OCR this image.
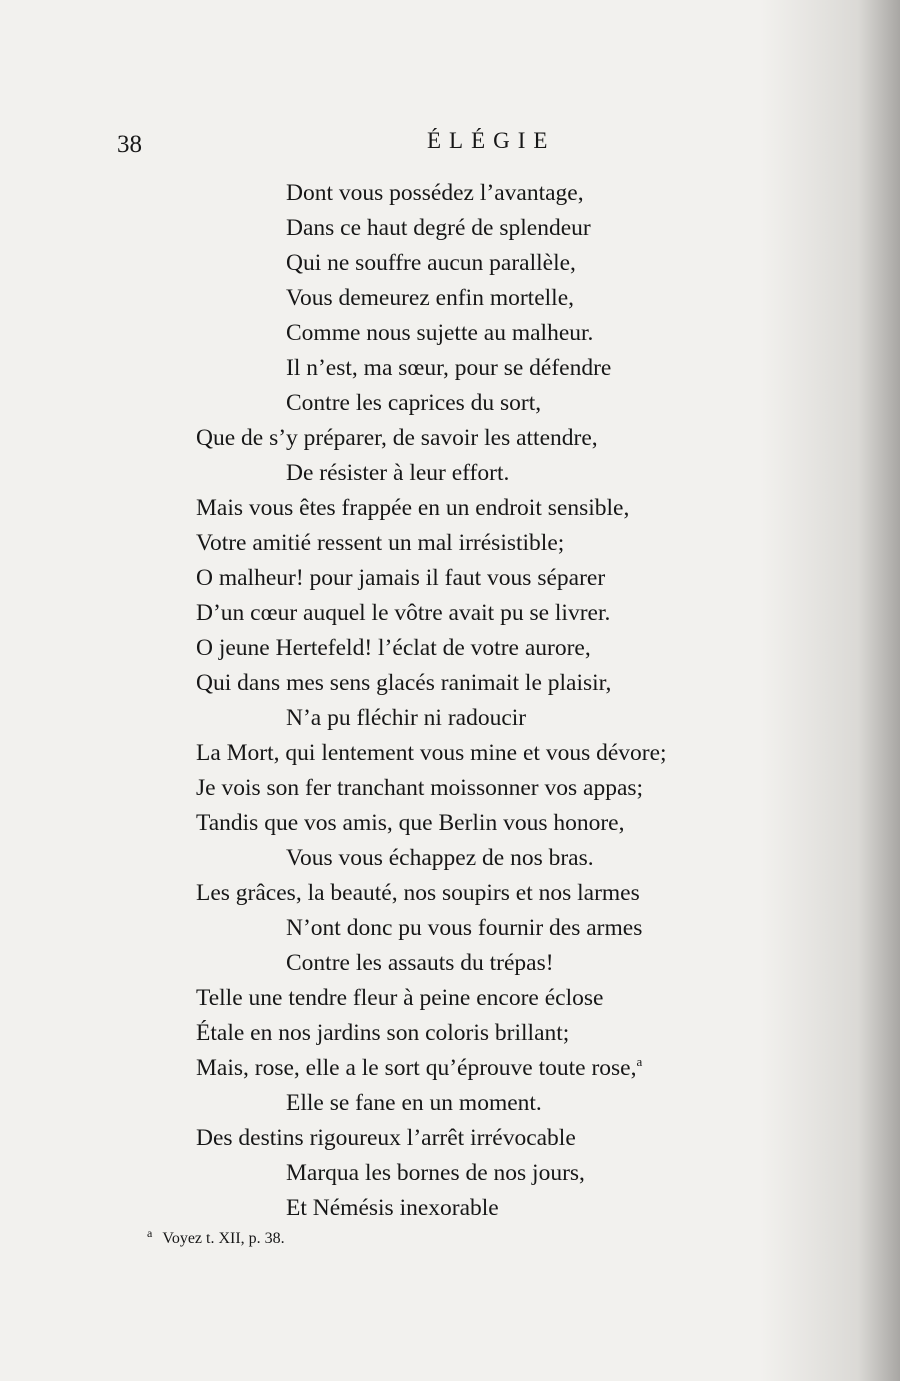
38	ÉLÉGIE
Dont vous possédez l’avantage,
Dans ce haut degré de splendeur
Qui ne souffre aucun parallèle,
Vous demeurez enfin mortelle,
Comme nous sujette au malheur.
Il n’est, ma sœur, pour se défendre
Contre les caprices du sort,
Que de s’y préparer, de savoir les attendre,
De résister à leur effort.
Mais vous êtes frappée en un endroit sensible,
Votre amitié ressent un mal irrésistible;
O malheur! pour jamais il faut vous séparer
D’un cœur auquel le vôtre avait pu se livrer.
O jeune Hertefeld! l’éclat de votre aurore,
Qui dans mes sens glacés ranimait le plaisir,
N’a pu fléchir ni radoucir
La Mort, qui lentement vous mine et vous dévore;
Je vois son fer tranchant moissonner vos appas;
Tandis que vos amis, que Berlin vous honore,
Vous vous échappez de nos bras.
Les grâces, la beauté, nos soupirs et nos larmes
N’ont donc pu vous fournir des armes
Contre les assauts du trépas!
Telle une tendre fleur à peine encore éclose
Étale en nos jardins son coloris brillant;
Mais, rose, elle a le sort qu’éprouve toute rose,$^a$
Elle se fane en un moment.
Des destins rigoureux l’arrêt irrévocable
Marqua les bornes de nos jours,
Et Némésis inexorable
$^a$ Voyez t. XII, p. 38.
